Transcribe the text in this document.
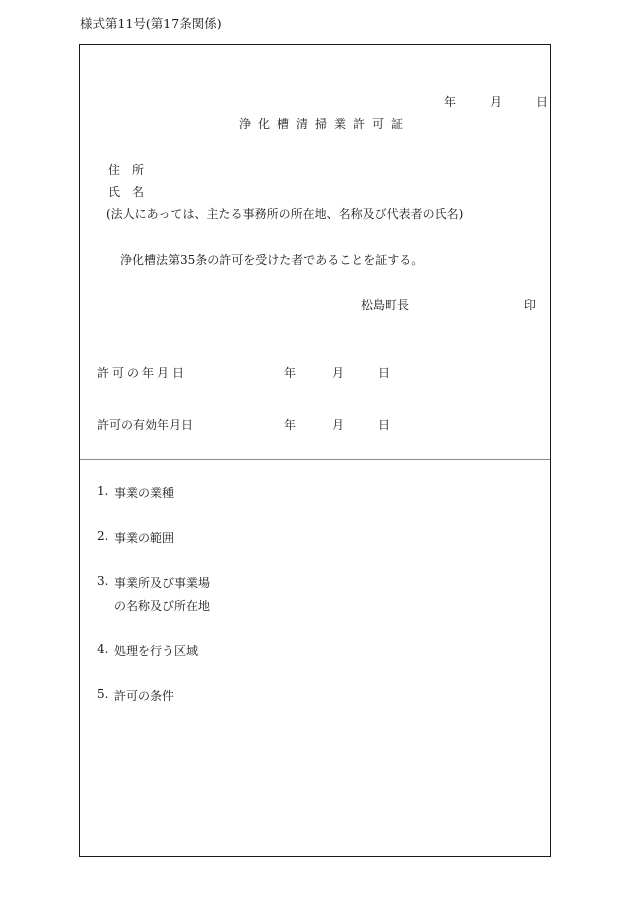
様式第11号(第17条関係)
年	月	日
浄化槽清掃業許可証
住　所
氏　名
(法人にあっては、主たる事務所の所在地、名称及び代表者の氏名)
浄化槽法第35条の許可を受けた者であることを証する。
松島町長	印
許可の年月日	年	月	日
許可の有効年月日	年	月	日
1. 事業の業種
2. 事業の範囲
3. 事業所及び事業場
の名称及び所在地
4. 処理を行う区域
5. 許可の条件
